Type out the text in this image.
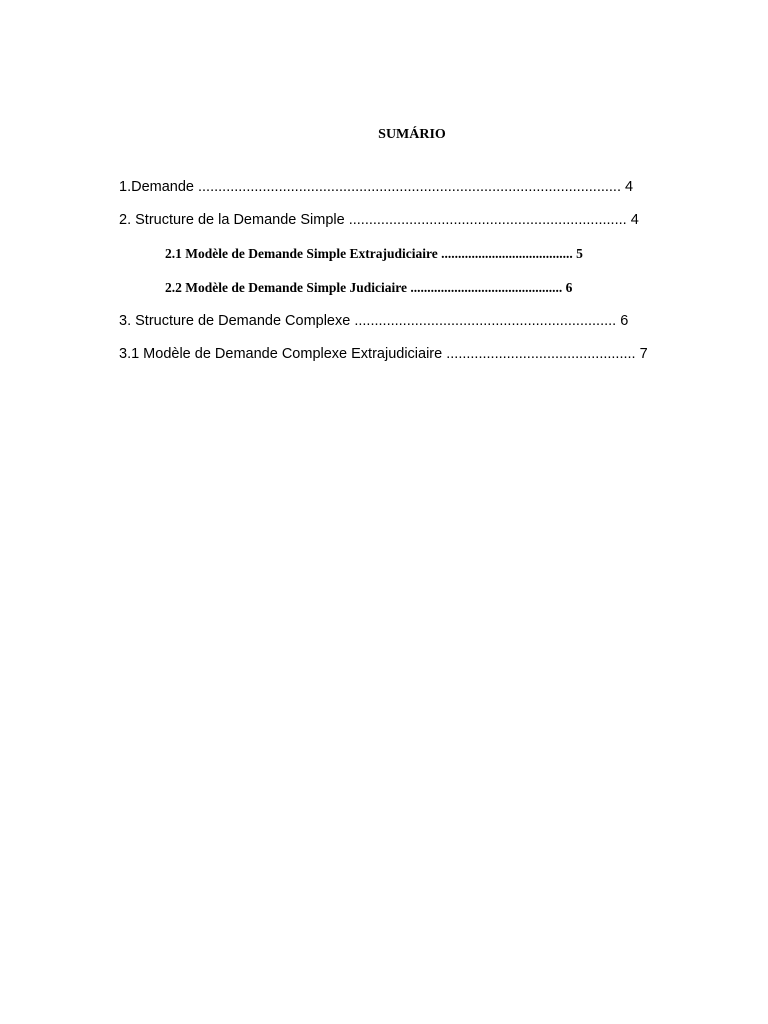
SUMÁRIO

1.Demande ......................................................................................................... 4

2. Structure de la Demande Simple ..................................................................... 4

2.1 Modèle de Demande Simple Extrajudiciaire ....................................... 5

2.2 Modèle de Demande Simple Judiciaire ............................................. 6

3. Structure de Demande Complexe ................................................................. 6

3.1 Modèle de Demande Complexe Extrajudiciaire ............................................... 7
